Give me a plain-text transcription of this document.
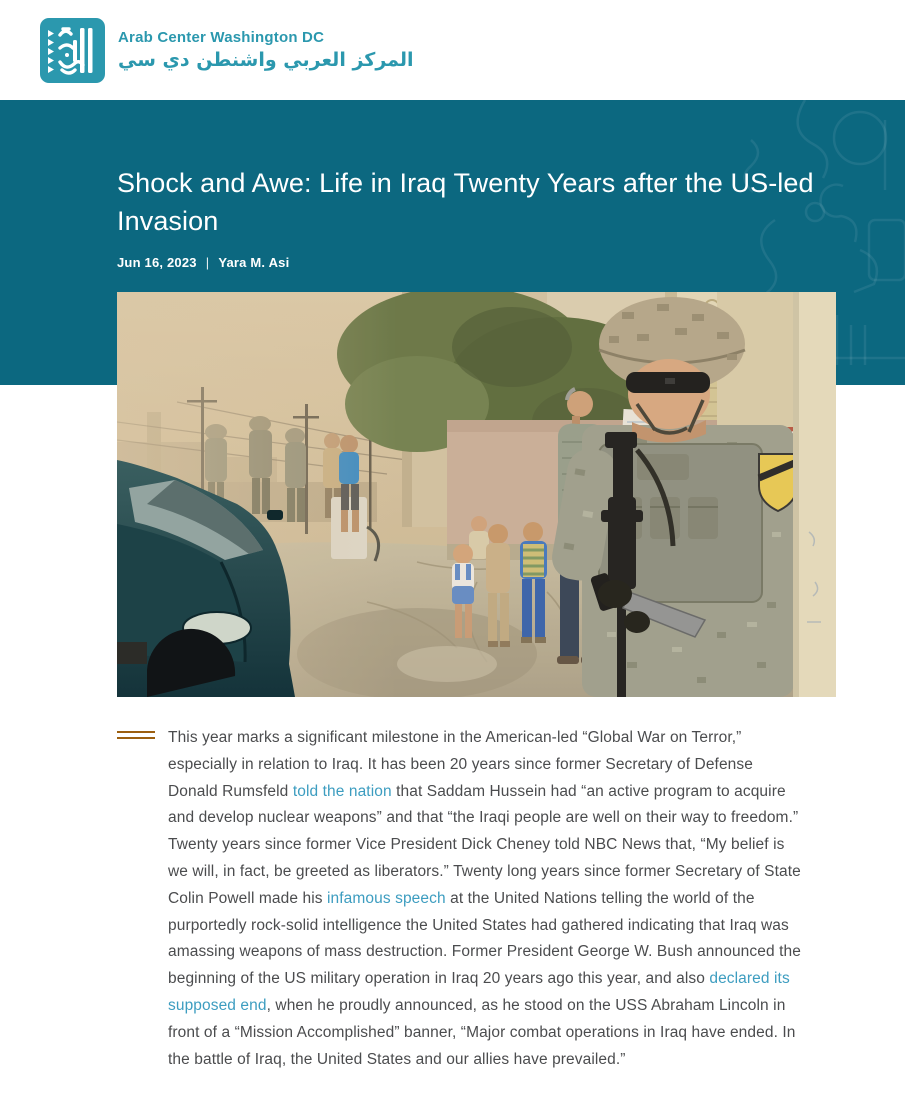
Arab Center Washington DC
المركز العربي واشنطن دي سي
Shock and Awe: Life in Iraq Twenty Years after the US-led Invasion
Jun 16, 2023 | Yara M. Asi

This year marks a significant milestone in the American-led “Global War on Terror,” especially in relation to Iraq. It has been 20 years since former Secretary of Defense Donald Rumsfeld told the nation that Saddam Hussein had “an active program to acquire and develop nuclear weapons” and that “the Iraqi people are well on their way to freedom.” Twenty years since former Vice President Dick Cheney told NBC News that, “My belief is we will, in fact, be greeted as liberators.” Twenty long years since former Secretary of State Colin Powell made his infamous speech at the United Nations telling the world of the purportedly rock-solid intelligence the United States had gathered indicating that Iraq was amassing weapons of mass destruction. Former President George W. Bush announced the beginning of the US military operation in Iraq 20 years ago this year, and also declared its supposed end, when he proudly announced, as he stood on the USS Abraham Lincoln in front of a “Mission Accomplished” banner, “Major combat operations in Iraq have ended. In the battle of Iraq, the United States and our allies have prevailed.”
